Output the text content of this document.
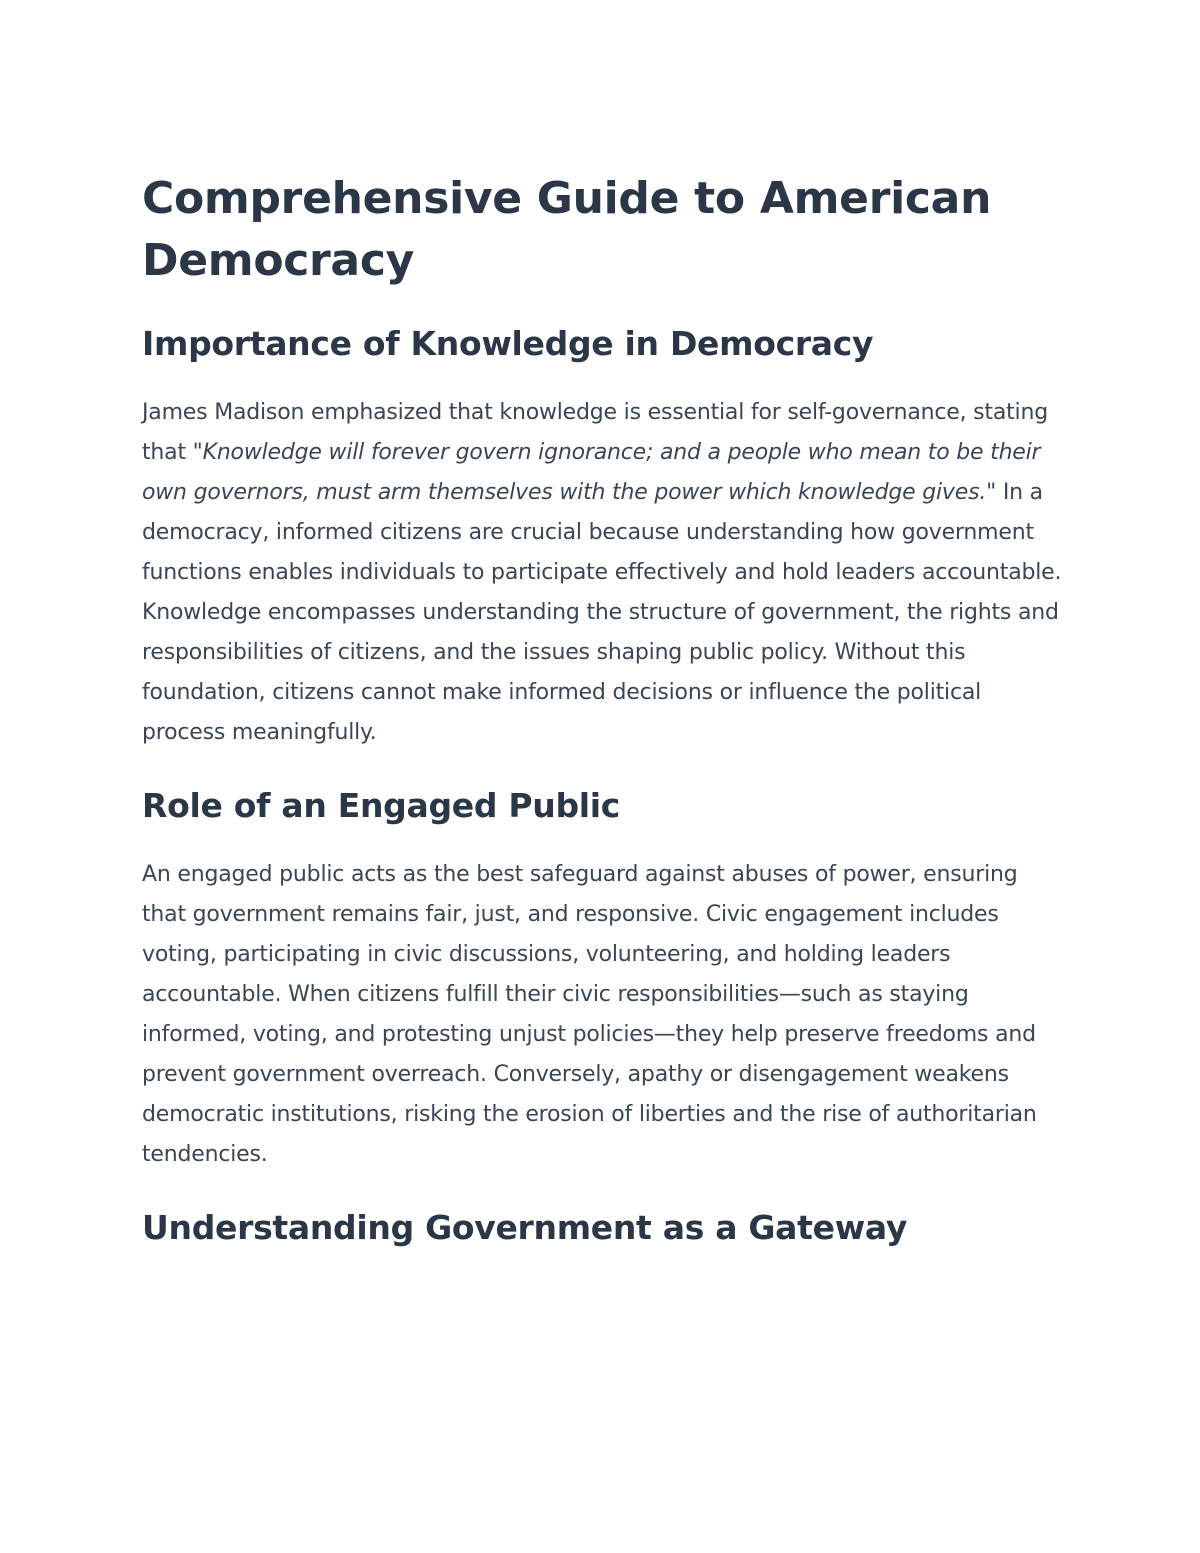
Comprehensive Guide to American Democracy
Importance of Knowledge in Democracy

James Madison emphasized that knowledge is essential for self-governance, stating that "Knowledge will forever govern ignorance; and a people who mean to be their own governors, must arm themselves with the power which knowledge gives." In a democracy, informed citizens are crucial because understanding how government functions enables individuals to participate effectively and hold leaders accountable. Knowledge encompasses understanding the structure of government, the rights and responsibilities of citizens, and the issues shaping public policy. Without this foundation, citizens cannot make informed decisions or influence the political process meaningfully.

Role of an Engaged Public

An engaged public acts as the best safeguard against abuses of power, ensuring that government remains fair, just, and responsive. Civic engagement includes voting, participating in civic discussions, volunteering, and holding leaders accountable. When citizens fulfill their civic responsibilities—such as staying informed, voting, and protesting unjust policies—they help preserve freedoms and prevent government overreach. Conversely, apathy or disengagement weakens democratic institutions, risking the erosion of liberties and the rise of authoritarian tendencies.

Understanding Government as a Gateway
